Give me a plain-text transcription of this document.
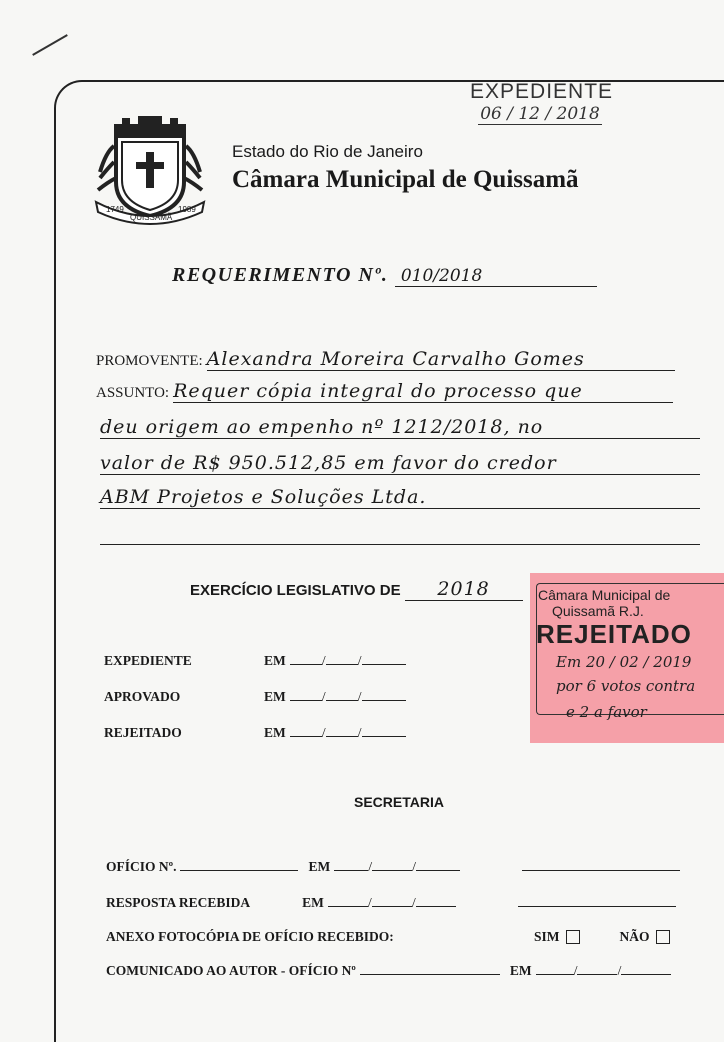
EXPEDIENTE
06 / 12 / 2018
1749
QUISSAMÃ
1989
Estado do Rio de Janeiro
Câmara Municipal de Quissamã
REQUERIMENTO Nº. 010/2018
PROMOVENTE: Alexandra Moreira Carvalho Gomes
ASSUNTO: Requer cópia integral do processo que
deu origem ao empenho nº 1212/2018, no
valor de R$ 950.512,85 em favor do credor
ABM Projetos e Soluções Ltda.
EXERCÍCIO LEGISLATIVO DE 2018
EXPEDIENTE	EM	/ /
APROVADO	EM	/ /
REJEITADO	EM	/ /
Câmara Municipal de
Quissamã R.J.
REJEITADO
Em 20 / 02 / 2019
por 6 votos contra
e 2 a favor
SECRETARIA
OFÍCIO Nº.	EM	/	/
RESPOSTA RECEBIDA	EM	/	/
ANEXO FOTOCÓPIA DE OFÍCIO RECEBIDO:	SIM	NÃO
COMUNICADO AO AUTOR - OFÍCIO Nº	EM	/	/
